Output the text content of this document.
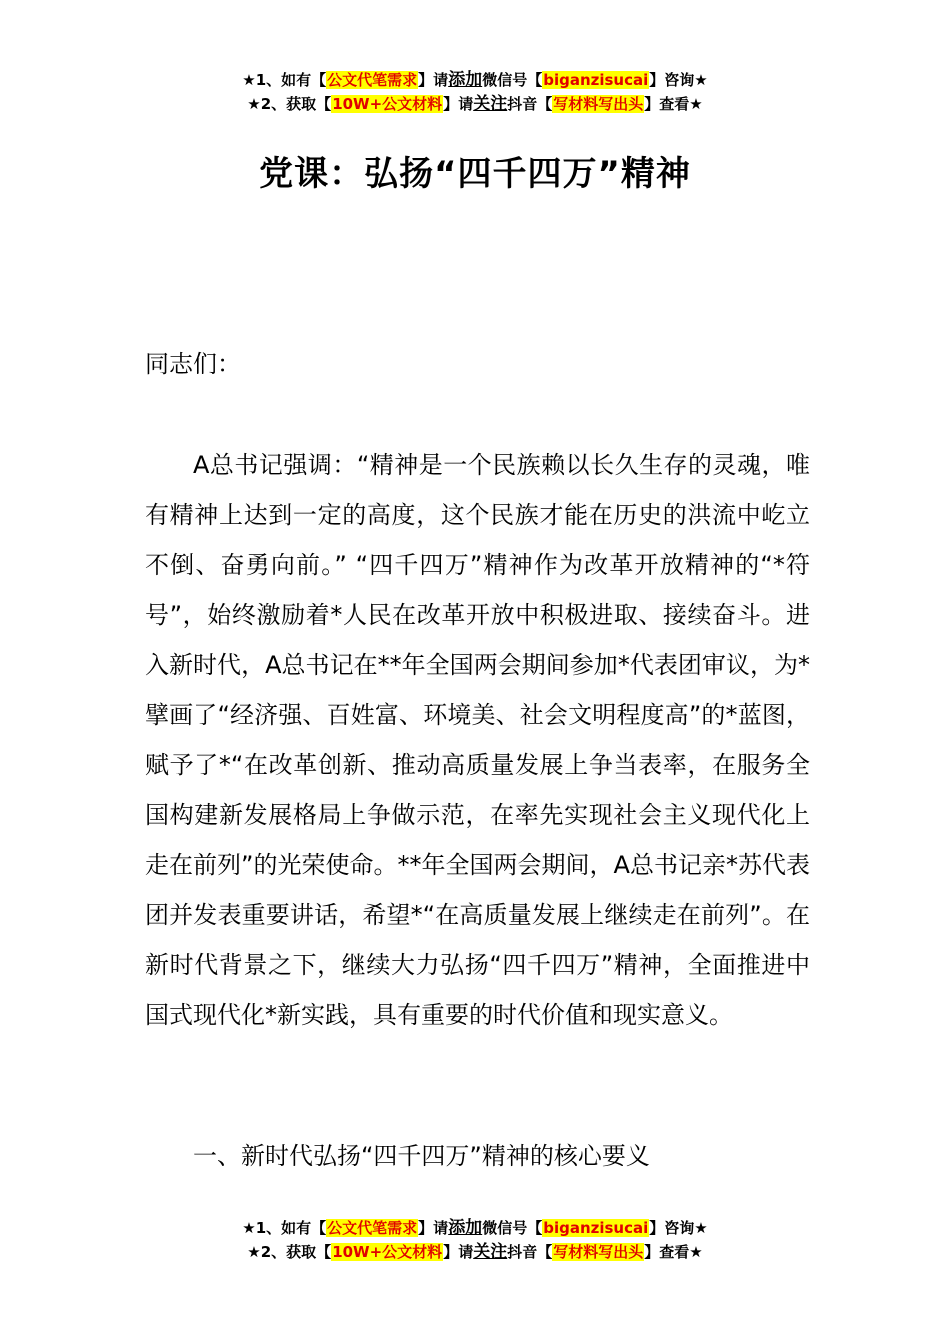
★1、如有【公文代笔需求】请添加微信号【biganzisucai】咨询★
★2、获取【10W+公文材料】请关注抖音【写材料写出头】查看★
党课：弘扬“四千四万”精神
同志们：
A总书记强调：“精神是一个民族赖以长久生存的灵魂，唯有精神上达到一定的高度，这个民族才能在历史的洪流中屹立不倒、奋勇向前。” “四千四万”精神作为改革开放精神的“*符号”，始终激励着*人民在改革开放中积极进取、接续奋斗。进入新时代，A总书记在**年全国两会期间参加*代表团审议，为*擘画了“经济强、百姓富、环境美、社会文明程度高”的*蓝图，赋予了*“在改革创新、推动高质量发展上争当表率，在服务全国构建新发展格局上争做示范，在率先实现社会主义现代化上走在前列”的光荣使命。**年全国两会期间，A总书记亲*苏代表团并发表重要讲话，希望*“在高质量发展上继续走在前列”。在新时代背景之下，继续大力弘扬“四千四万”精神，全面推进中国式现代化*新实践，具有重要的时代价值和现实意义。
一、新时代弘扬“四千四万”精神的核心要义
★1、如有【公文代笔需求】请添加微信号【biganzisucai】咨询★
★2、获取【10W+公文材料】请关注抖音【写材料写出头】查看★
